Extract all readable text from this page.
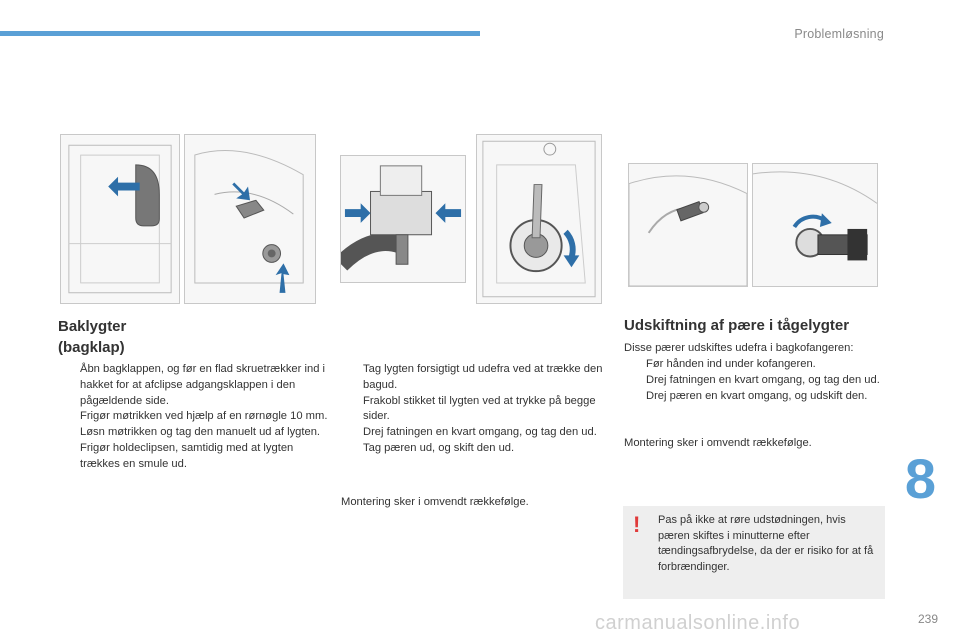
Problemløsning
Baklygter
(bagklap)
Åbn bagklappen, og før en flad skruetrækker ind i hakket for at afclipse adgangsklappen i den pågældende side.
Frigør møtrikken ved hjælp af en rørnøgle 10 mm.
Løsn møtrikken og tag den manuelt ud af lygten.
Frigør holdeclipsen, samtidig med at lygten trækkes en smule ud.
Tag lygten forsigtigt ud udefra ved at trække den bagud.
Frakobl stikket til lygten ved at trykke på begge sider.
Drej fatningen en kvart omgang, og tag den ud.
Tag pæren ud, og skift den ud.
Montering sker i omvendt rækkefølge.
Udskiftning af pære i tågelygter
Disse pærer udskiftes udefra i bagkofangeren:
Før hånden ind under kofangeren.
Drej fatningen en kvart omgang, og tag den ud.
Drej pæren en kvart omgang, og udskift den.
Montering sker i omvendt rækkefølge.
! Pas på ikke at røre udstødningen, hvis pæren skiftes i minutterne efter tændingsafbrydelse, da der er risiko for at få forbrændinger.
8
carmanualsonline.info	239
